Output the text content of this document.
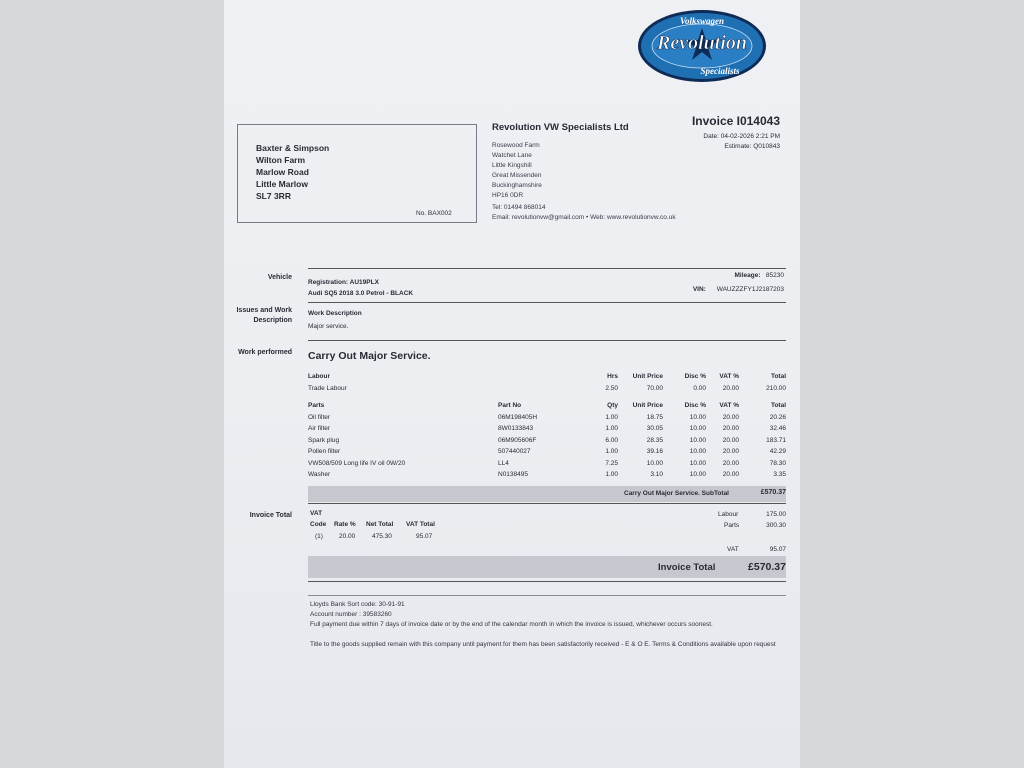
Volkswagen
Revolution
Specialists
Baxter & Simpson
Wilton Farm
Marlow Road
Little Marlow
SL7 3RR
No. BAX002
Revolution VW Specialists Ltd
Rosewood Farm
Watchet Lane
Little Kingshill
Great Missenden
Buckinghamshire
HP16 0DR
Tel: 01494 868014
Email: revolutionvw@gmail.com • Web: www.revolutionvw.co.uk
Invoice I014043
Date: 04-02-2026 2:21 PM
Estimate: Q010843
Vehicle
Registration: AU19PLX
Audi SQ5 2018 3.0 Petrol - BLACK
Mileage: 85230
VIN: WAUZZZFY1J2187203
Issues and Work Description
Work Description
Major service.
Work performed Carry Out Major Service.
Labour		Hrs	Unit Price	Disc %	VAT %	Total
Trade Labour		2.50	70.00	0.00	20.00	210.00
Parts	Part No	Qty	Unit Price	Disc %	VAT %	Total
Oil filter	06M198405H	1.00	18.75	10.00	20.00	20.26
Air filter	8W0133843	1.00	30.05	10.00	20.00	32.46
Spark plug	06M905606F	6.00	28.35	10.00	20.00	183.71
Pollen filter	507440027	1.00	39.16	10.00	20.00	42.29
VW508/509 Long life IV oil 0W/20	LL4	7.25	10.00	10.00	20.00	78.30
Washer	N0138495	1.00	3.10	10.00	20.00	3.35
Carry Out Major Service. SubTotal	£570.37
Invoice Total	VAT
Code	Rate %	Net Total	VAT Total
(1)	20.00	475.30	95.07
Labour	175.00
Parts	300.30
VAT	95.07
Invoice Total	£570.37
Lloyds Bank Sort code: 30-91-91
Account number : 39583260
Full payment due within 7 days of invoice date or by the end of the calendar month in which the invoice is issued, whichever occurs soonest.
Title to the goods supplied remain with this company until payment for them has been satisfactorily received - E & O E. Terms & Conditions available upon request
